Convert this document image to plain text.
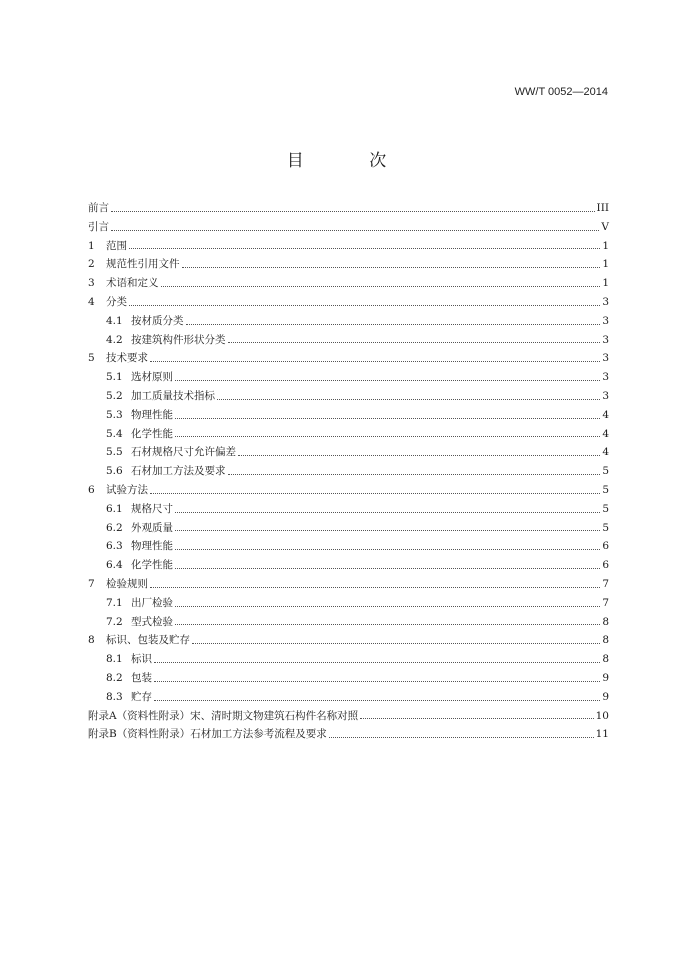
WW/T 0052—2014
目 次
前言	III
引言	V
1	范围	1
2	规范性引用文件	1
3	术语和定义	1
4	分类	3
4.1 按材质分类	3
4.2 按建筑构件形状分类	3
5	技术要求	3
5.1 选材原则	3
5.2 加工质量技术指标	3
5.3 物理性能	4
5.4 化学性能	4
5.5 石材规格尺寸允许偏差	4
5.6 石材加工方法及要求	5
6	试验方法	5
6.1 规格尺寸	5
6.2 外观质量	5
6.3 物理性能	6
6.4 化学性能	6
7	检验规则	7
7.1 出厂检验	7
7.2 型式检验	8
8	标识、包装及贮存	8
8.1 标识	8
8.2 包装	9
8.3 贮存	9
附录A（资料性附录）宋、清时期文物建筑石构件名称对照	10
附录B（资料性附录）石材加工方法参考流程及要求	11
